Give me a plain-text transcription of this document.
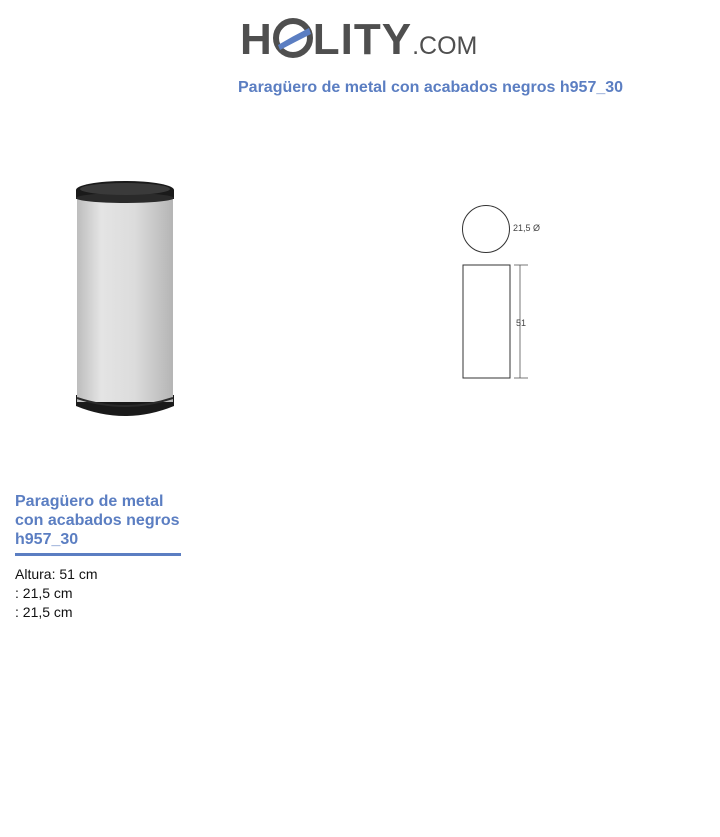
H LITY.COM
Paragüero de metal con acabados negros h957_30
21,5 Ø
51
Paragüero de metal con acabados negros h957_30
Altura: 51 cm
: 21,5 cm
: 21,5 cm
